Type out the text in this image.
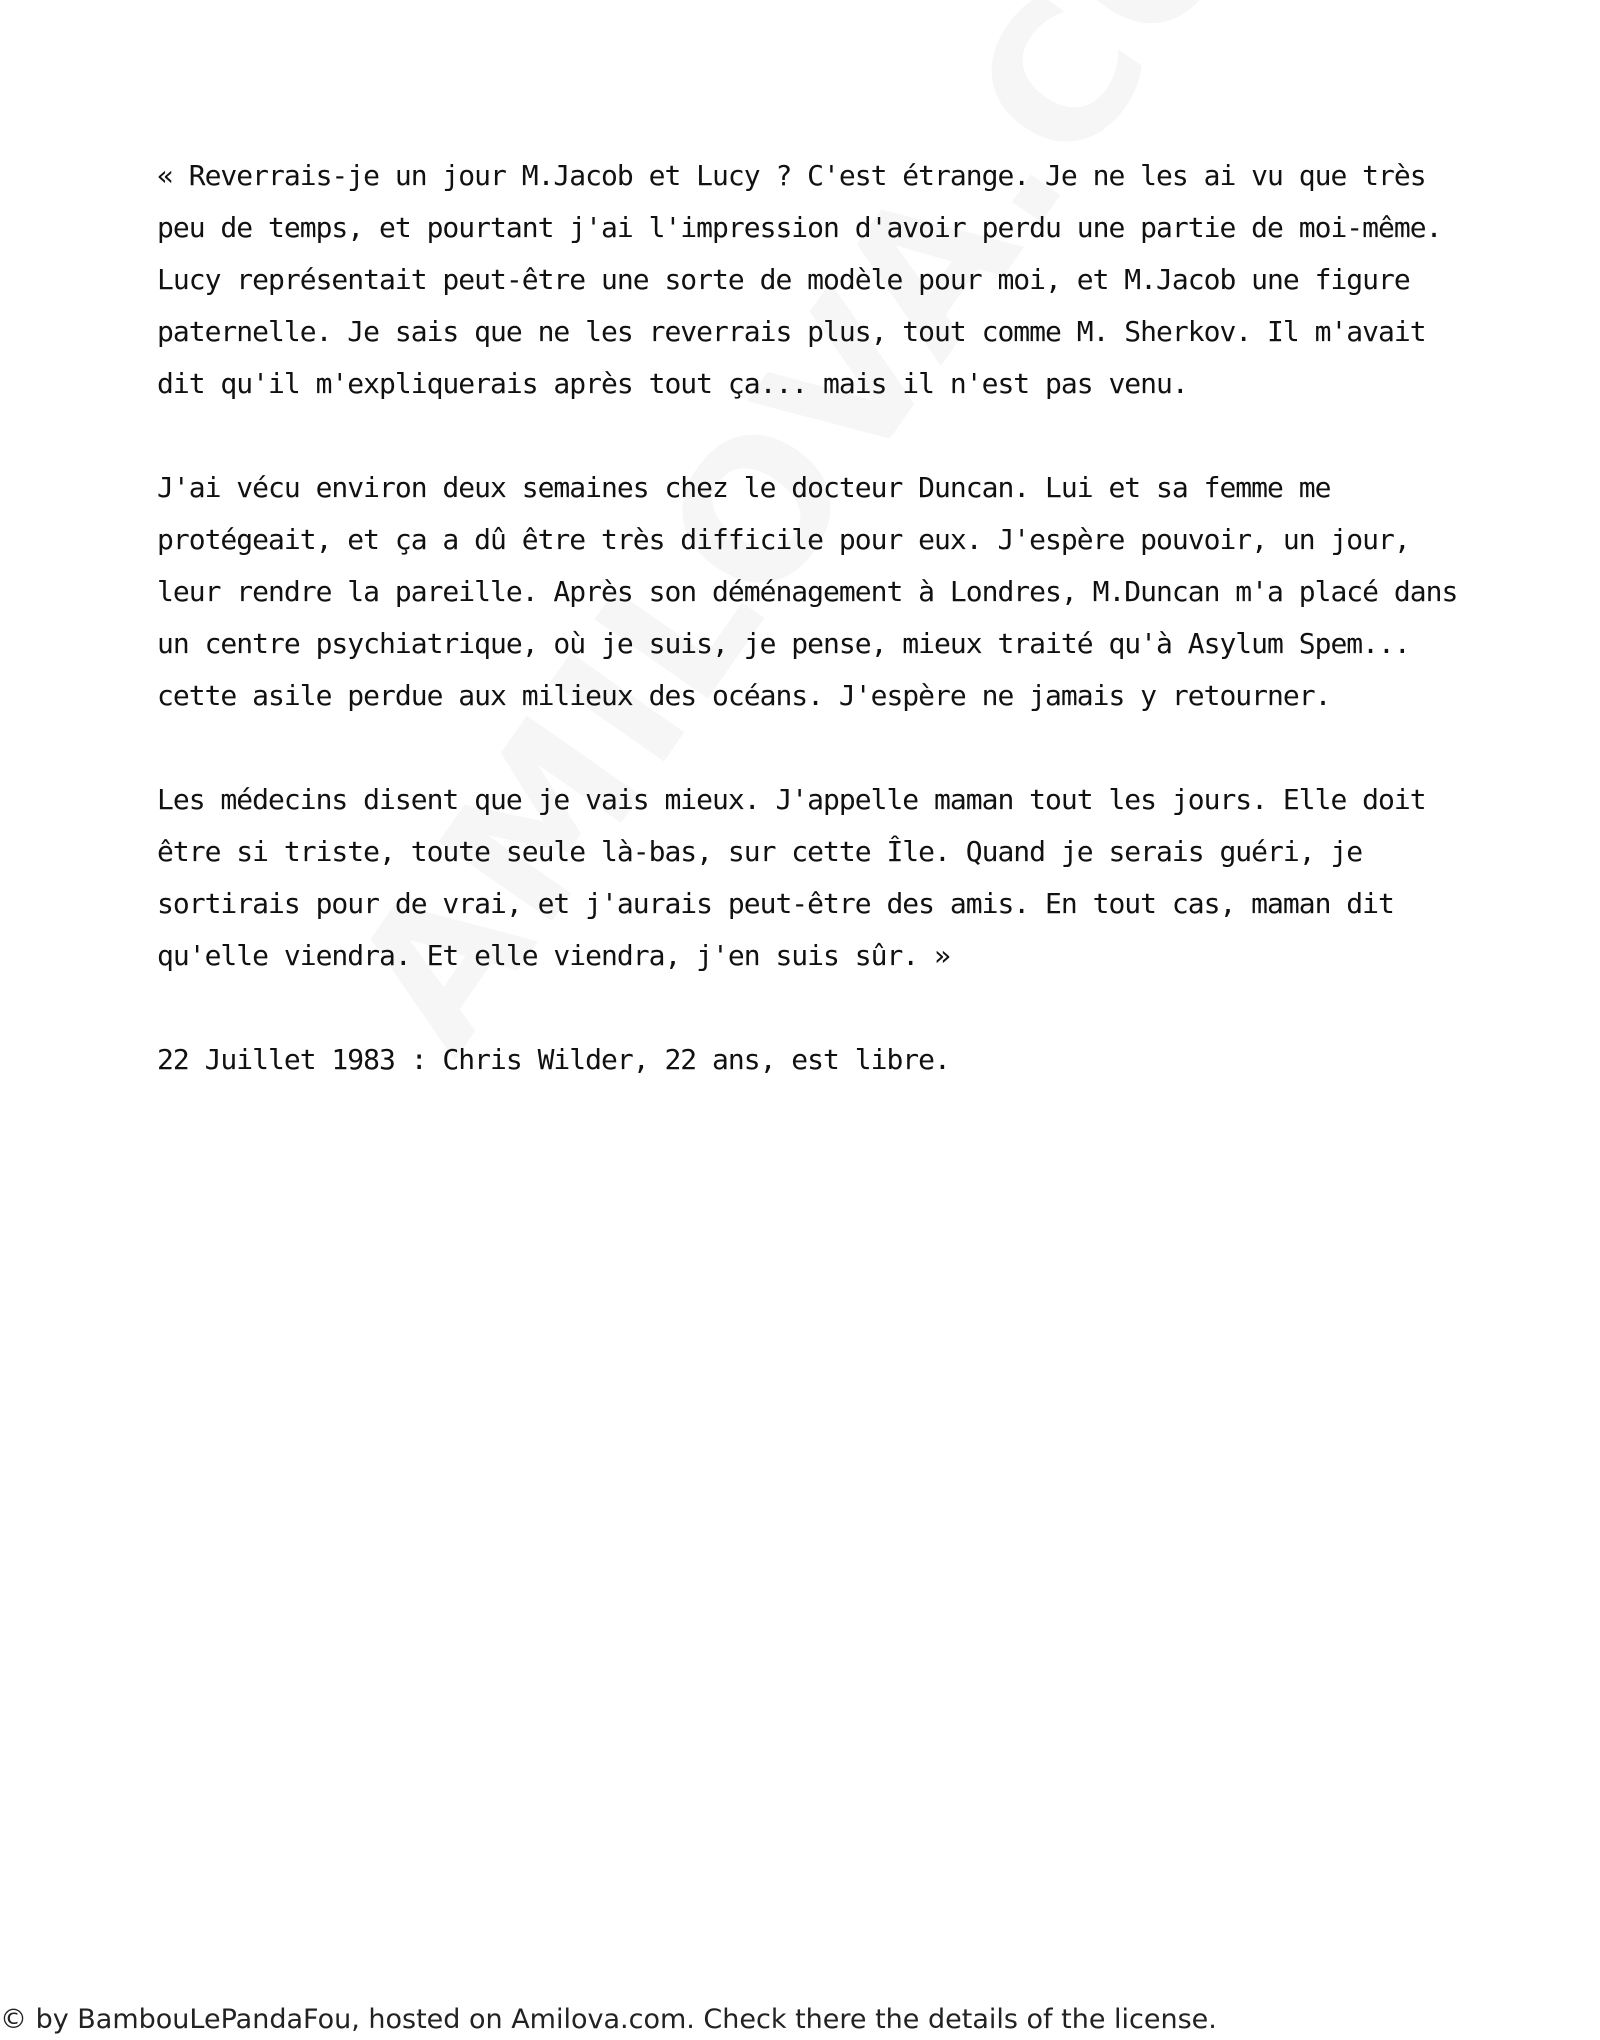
« Reverrais-je un jour M.Jacob et Lucy ? C'est étrange. Je ne les ai vu que très peu de temps, et pourtant j'ai l'impression d'avoir perdu une partie de moi-même. Lucy représentait peut-être une sorte de modèle pour moi, et M.Jacob une figure paternelle. Je sais que ne les reverrais plus, tout comme M. Sherkov. Il m'avait dit qu'il m'expliquerais après tout ça... mais il n'est pas venu.

J'ai vécu environ deux semaines chez le docteur Duncan. Lui et sa femme me protégeait, et ça a dû être très difficile pour eux. J'espère pouvoir, un jour, leur rendre la pareille. Après son déménagement à Londres, M.Duncan m'a placé dans un centre psychiatrique, où je suis, je pense, mieux traité qu'à Asylum Spem... cette asile perdue aux milieux des océans. J'espère ne jamais y retourner.

Les médecins disent que je vais mieux. J'appelle maman tout les jours. Elle doit être si triste, toute seule là-bas, sur cette Île. Quand je serais guéri, je sortirais pour de vrai, et j'aurais peut-être des amis. En tout cas, maman dit qu'elle viendra. Et elle viendra, j'en suis sûr. »

22 Juillet 1983 : Chris Wilder, 22 ans, est libre.

© by BambouLePandaFou, hosted on Amilova.com. Check there the details of the license.
